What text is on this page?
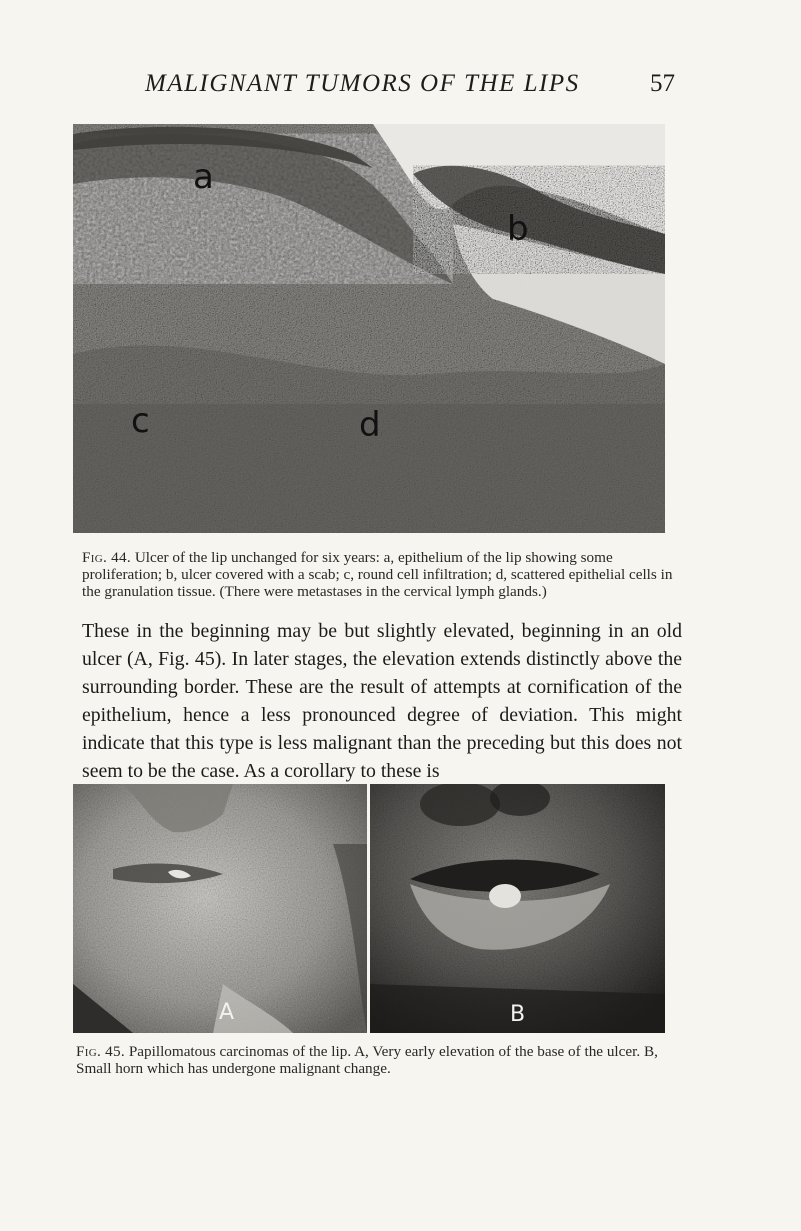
MALIGNANT TUMORS OF THE LIPS	57
a
b
c	d
Fig. 44. Ulcer of the lip unchanged for six years: a, epithelium of the lip showing some proliferation; b, ulcer covered with a scab; c, round cell infiltration; d, scattered epithelial cells in the granulation tissue. (There were metastases in the cervical lymph glands.)

These in the beginning may be but slightly elevated, beginning in an old ulcer (A, Fig. 45). In later stages, the elevation extends distinctly above the surrounding border. These are the result of attempts at cornification of the epithelium, hence a less pronounced degree of deviation. This might indicate that this type is less malignant than the preceding but this does not seem to be the case. As a corollary to these is

A	B
Fig. 45. Papillomatous carcinomas of the lip. A, Very early elevation of the base of the ulcer. B, Small horn which has undergone malignant change.
